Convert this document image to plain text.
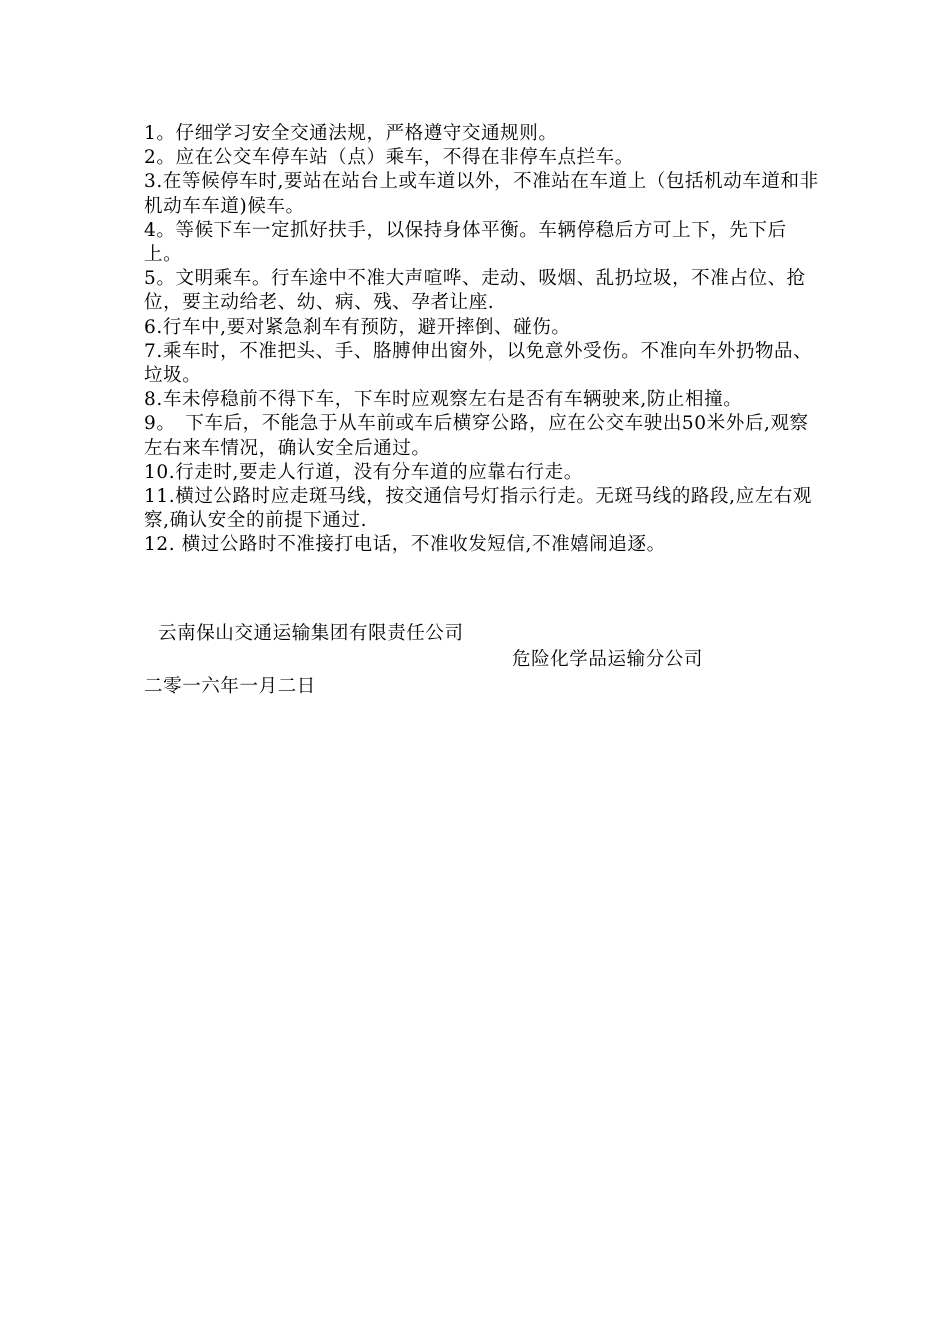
1。仔细学习安全交通法规，严格遵守交通规则。
2。应在公交车停车站（点）乘车，不得在非停车点拦车。
3.在等候停车时,要站在站台上或车道以外，不准站在车道上（包括机动车道和非机动车车道)候车。
4。等候下车一定抓好扶手，以保持身体平衡。车辆停稳后方可上下，先下后上。
5。文明乘车。行车途中不准大声喧哗、走动、吸烟、乱扔垃圾，不准占位、抢位，要主动给老、幼、病、残、孕者让座.
6.行车中,要对紧急刹车有预防，避开摔倒、碰伤。
7.乘车时，不准把头、手、胳膊伸出窗外，以免意外受伤。不准向车外扔物品、垃圾。
8.车未停稳前不得下车，下车时应观察左右是否有车辆驶来,防止相撞。
9。　下车后，不能急于从车前或车后横穿公路，应在公交车驶出50米外后,观察左右来车情况，确认安全后通过。
10.行走时,要走人行道，没有分车道的应靠右行走。
11.横过公路时应走斑马线，按交通信号灯指示行走。无斑马线的路段,应左右观察,确认安全的前提下通过.
12. 横过公路时不准接打电话，不准收发短信,不准嬉闹追逐。
云南保山交通运输集团有限责任公司
危险化学品运输分公司
二零一六年一月二日
